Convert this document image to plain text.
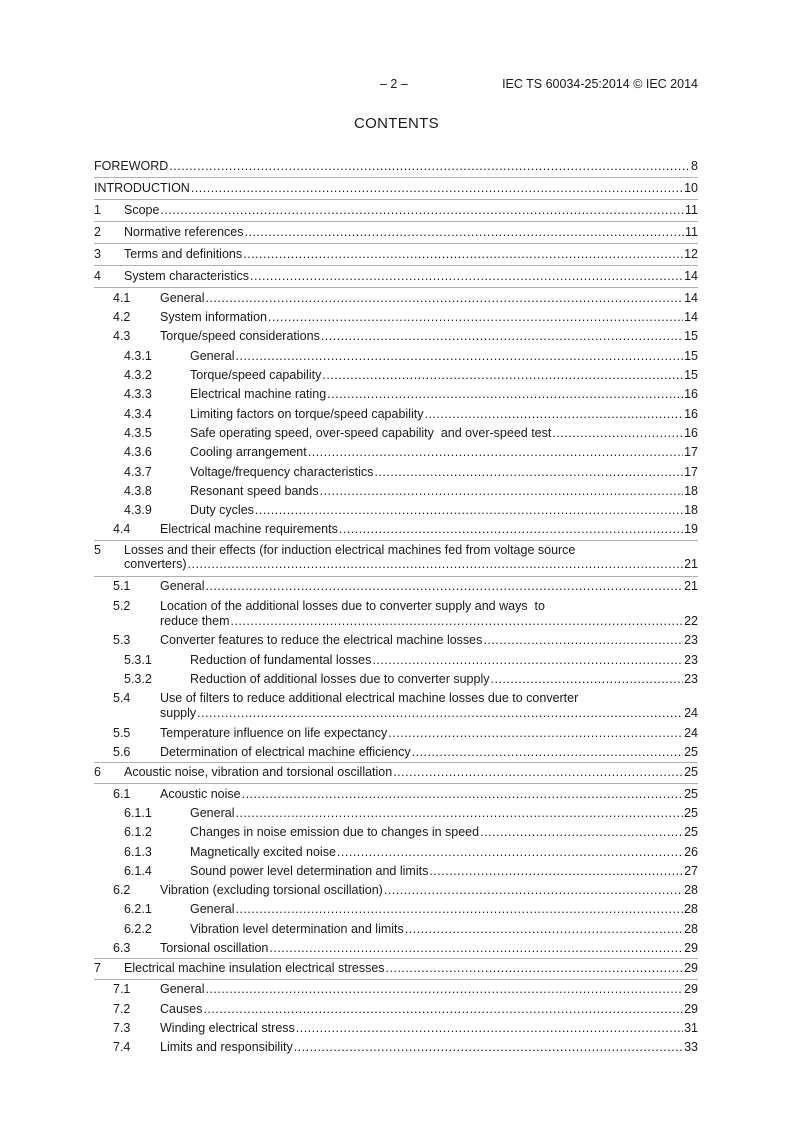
– 2 –	IEC TS 60034-25:2014 © IEC 2014
CONTENTS
FOREWORD .....	8
INTRODUCTION .....	10
1 Scope .....	11
2 Normative references .....	11
3 Terms and definitions .....	12
4 System characteristics .....	14
4.1 General .....	14
4.2 System information .....	14
4.3 Torque/speed considerations .....	15
4.3.1	General .....	15
4.3.2	Torque/speed capability .....	15
4.3.3	Electrical machine rating .....	16
4.3.4	Limiting factors on torque/speed capability .....	16
4.3.5	Safe operating speed, over-speed capability  and over-speed test .....	16
4.3.6	Cooling arrangement .....	17
4.3.7	Voltage/frequency characteristics .....	17
4.3.8	Resonant speed bands .....	18
4.3.9	Duty cycles .....	18
4.4 Electrical machine requirements .....	19
5 Losses and their effects (for induction electrical machines fed from voltage source
converters) .....	21
5.1 General .....	21
5.2 Location of the additional losses due to converter supply and ways  to
reduce them .....	22
5.3 Converter features to reduce the electrical machine losses .....	23
5.3.1	Reduction of fundamental losses .....	23
5.3.2	Reduction of additional losses due to converter supply .....	23
5.4 Use of filters to reduce additional electrical machine losses due to converter
supply .....	24
5.5 Temperature influence on life expectancy .....	24
5.6 Determination of electrical machine efficiency .....	25
6 Acoustic noise, vibration and torsional oscillation .....	25
6.1 Acoustic noise .....	25
6.1.1	General .....	25
6.1.2	Changes in noise emission due to changes in speed .....	25
6.1.3	Magnetically excited noise .....	26
6.1.4	Sound power level determination and limits .....	27
6.2 Vibration (excluding torsional oscillation) .....	28
6.2.1	General .....	28
6.2.2	Vibration level determination and limits .....	28
6.3 Torsional oscillation .....	29
7 Electrical machine insulation electrical stresses .....	29
7.1 General .....	29
7.2 Causes .....	29
7.3 Winding electrical stress .....	31
7.4 Limits and responsibility .....	33
